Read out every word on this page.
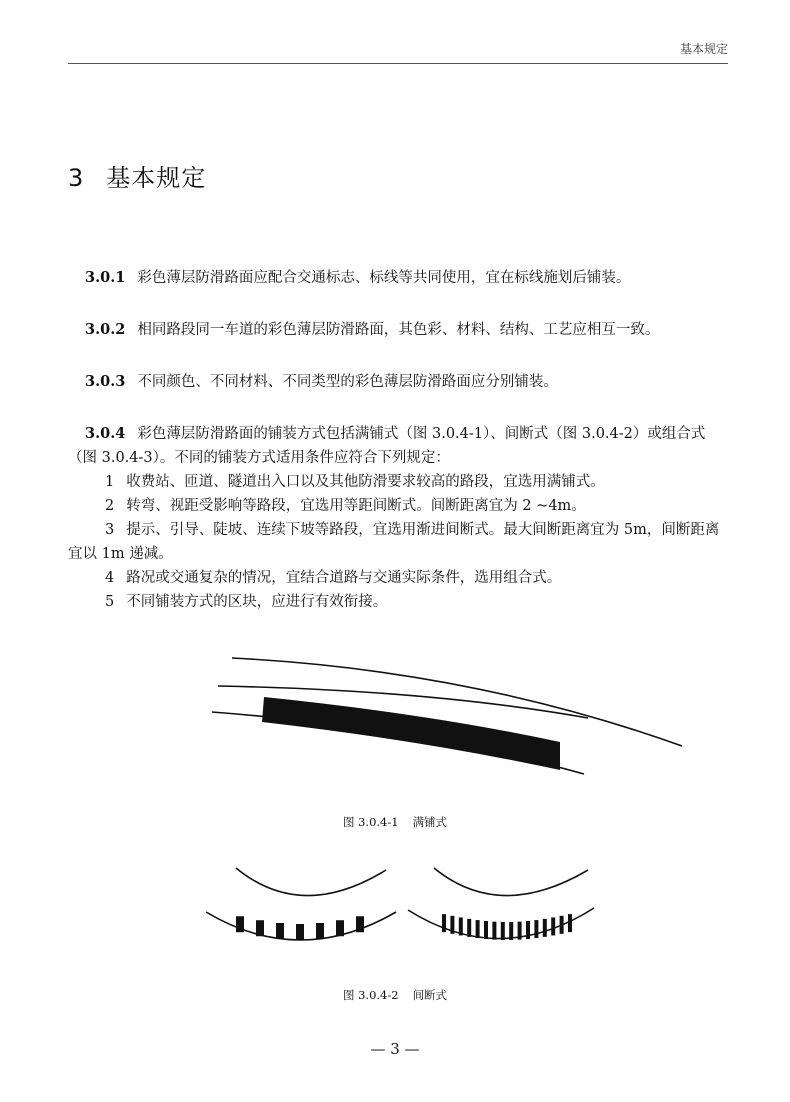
基本规定
3 基本规定
3.0.1 彩色薄层防滑路面应配合交通标志、标线等共同使用，宜在标线施划后铺装。
3.0.2 相同路段同一车道的彩色薄层防滑路面，其色彩、材料、结构、工艺应相互一致。
3.0.3 不同颜色、不同材料、不同类型的彩色薄层防滑路面应分别铺装。
3.0.4 彩色薄层防滑路面的铺装方式包括满铺式（图 3.0.4-1）、间断式（图 3.0.4-2）或组合式（图 3.0.4-3）。不同的铺装方式适用条件应符合下列规定：
1 收费站、匝道、隧道出入口以及其他防滑要求较高的路段，宜选用满铺式。
2 转弯、视距受影响等路段，宜选用等距间断式。间断距离宜为 2 ~4m。
3 提示、引导、陡坡、连续下坡等路段，宜选用渐进间断式。最大间断距离宜为 5m，间断距离宜以 1m 递减。
4 路况或交通复杂的情况，宜结合道路与交通实际条件，选用组合式。
5 不同铺装方式的区块，应进行有效衔接。
图 3.0.4-1 满铺式
图 3.0.4-2 间断式
— 3 —
